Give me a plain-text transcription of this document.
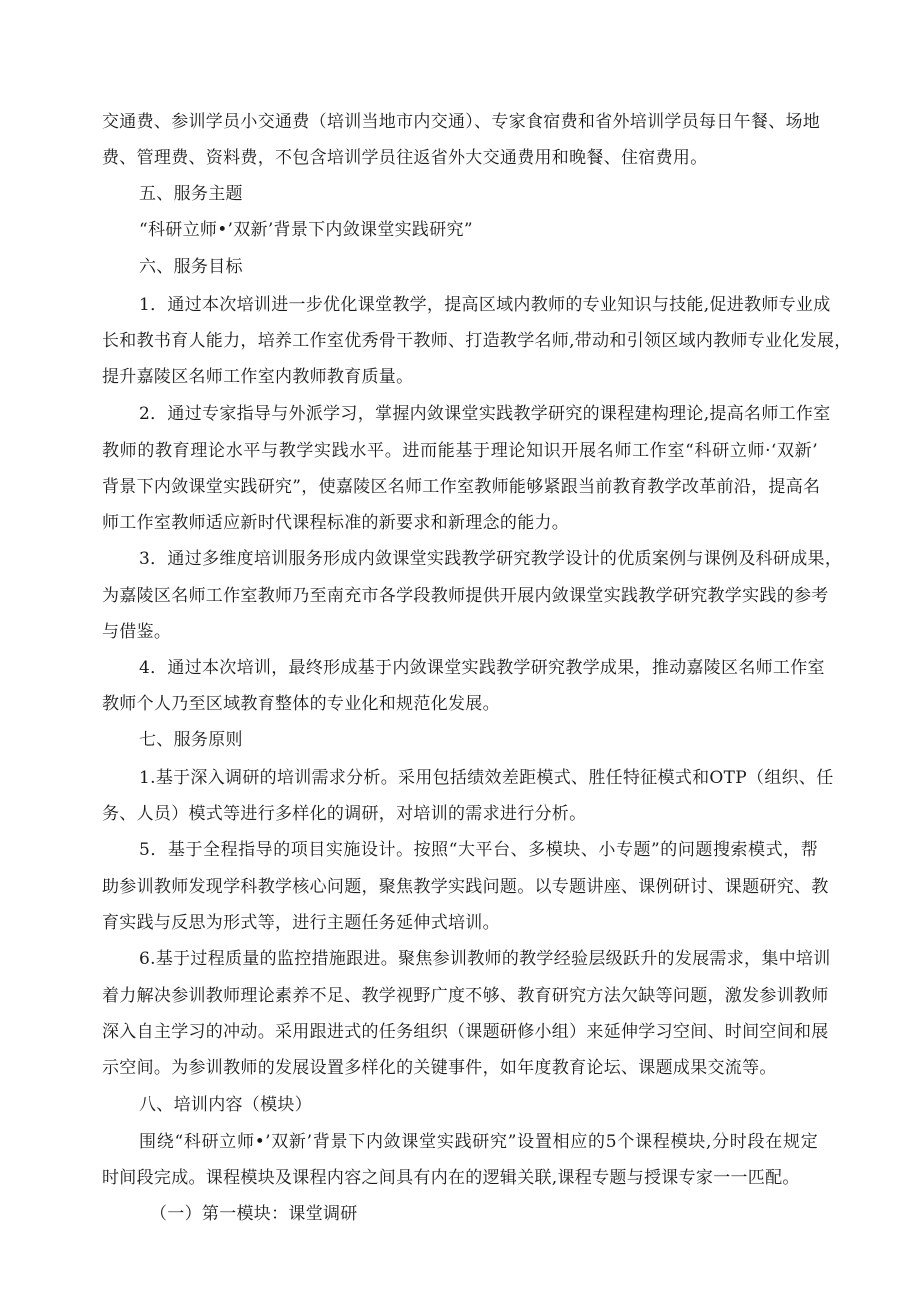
交通费、参训学员小交通费（培训当地市内交通）、专家食宿费和省外培训学员每日午餐、场地
费、管理费、资料费，不包含培训学员往返省外大交通费用和晚餐、住宿费用。
五、服务主题
“科研立师•’双新’背景下内敛课堂实践研究”
六、服务目标
1．通过本次培训进一步优化课堂教学，提高区域内教师的专业知识与技能,促进教师专业成
长和教书育人能力，培养工作室优秀骨干教师、打造教学名师,带动和引领区域内教师专业化发展，
提升嘉陵区名师工作室内教师教育质量。
2．通过专家指导与外派学习，掌握内敛课堂实践教学研究的课程建构理论,提高名师工作室
教师的教育理论水平与教学实践水平。进而能基于理论知识开展名师工作室“科研立师·‘双新’
背景下内敛课堂实践研究”，使嘉陵区名师工作室教师能够紧跟当前教育教学改革前沿，提高名
师工作室教师适应新时代课程标准的新要求和新理念的能力。
3．通过多维度培训服务形成内敛课堂实践教学研究教学设计的优质案例与课例及科研成果，
为嘉陵区名师工作室教师乃至南充市各学段教师提供开展内敛课堂实践教学研究教学实践的参考
与借鉴。
4．通过本次培训，最终形成基于内敛课堂实践教学研究教学成果，推动嘉陵区名师工作室
教师个人乃至区域教育整体的专业化和规范化发展。
七、服务原则
1.基于深入调研的培训需求分析。采用包括绩效差距模式、胜任特征模式和OTP（组织、任
务、人员）模式等进行多样化的调研，对培训的需求进行分析。
5．基于全程指导的项目实施设计。按照“大平台、多模块、小专题”的问题搜索模式，帮
助参训教师发现学科教学核心问题，聚焦教学实践问题。以专题讲座、课例研讨、课题研究、教
育实践与反思为形式等，进行主题任务延伸式培训。
6.基于过程质量的监控措施跟进。聚焦参训教师的教学经验层级跃升的发展需求，集中培训
着力解决参训教师理论素养不足、教学视野广度不够、教育研究方法欠缺等问题，激发参训教师
深入自主学习的冲动。采用跟进式的任务组织（课题研修小组）来延伸学习空间、时间空间和展
示空间。为参训教师的发展设置多样化的关键事件，如年度教育论坛、课题成果交流等。
八、培训内容（模块）
围绕“科研立师•’双新’背景下内敛课堂实践研究”设置相应的5个课程模块,分时段在规定
时间段完成。课程模块及课程内容之间具有内在的逻辑关联,课程专题与授课专家一一匹配。
（一）第一模块：课堂调研
